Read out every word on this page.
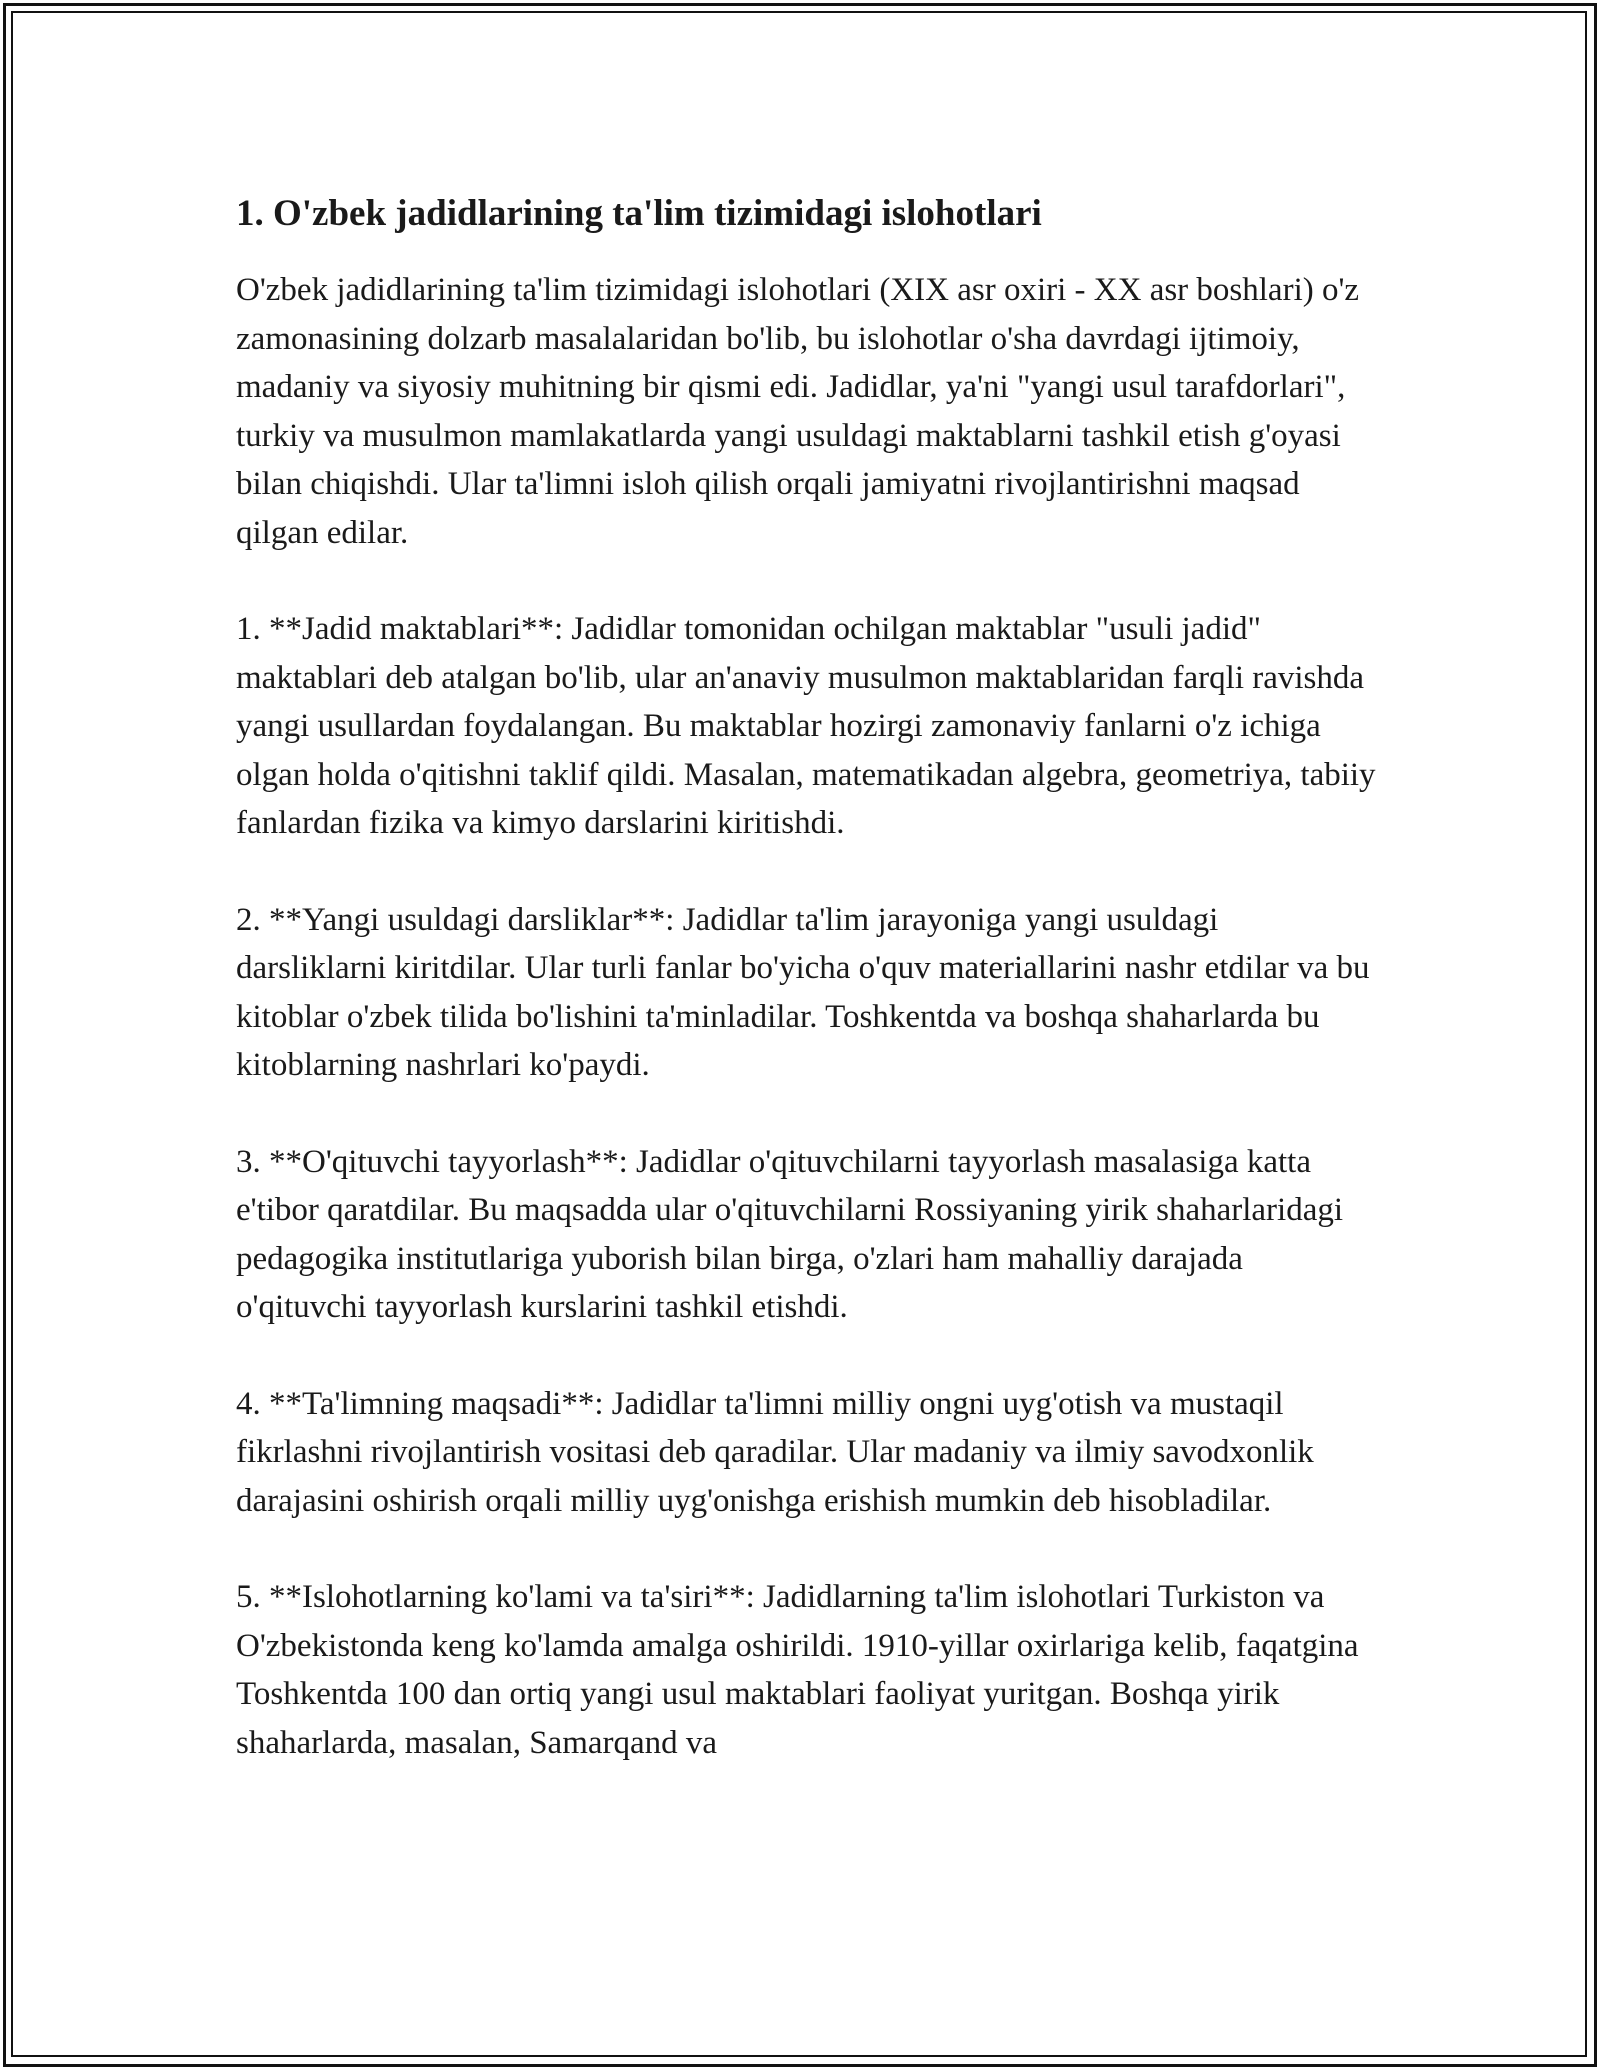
1. O'zbek jadidlarining ta'lim tizimidagi islohotlari

O'zbek jadidlarining ta'lim tizimidagi islohotlari (XIX asr oxiri - XX asr boshlari) o'z zamonasining dolzarb masalalaridan bo'lib, bu islohotlar o'sha davrdagi ijtimoiy, madaniy va siyosiy muhitning bir qismi edi. Jadidlar, ya'ni "yangi usul tarafdorlari", turkiy va musulmon mamlakatlarda yangi usuldagi maktablarni tashkil etish g'oyasi bilan chiqishdi. Ular ta'limni isloh qilish orqali jamiyatni rivojlantirishni maqsad qilgan edilar.

1. **Jadid maktablari**: Jadidlar tomonidan ochilgan maktablar "usuli jadid" maktablari deb atalgan bo'lib, ular an'anaviy musulmon maktablaridan farqli ravishda yangi usullardan foydalangan. Bu maktablar hozirgi zamonaviy fanlarni o'z ichiga olgan holda o'qitishni taklif qildi. Masalan, matematikadan algebra, geometriya, tabiiy fanlardan fizika va kimyo darslarini kiritishdi.

2. **Yangi usuldagi darsliklar**: Jadidlar ta'lim jarayoniga yangi usuldagi darsliklarni kiritdilar. Ular turli fanlar bo'yicha o'quv materiallarini nashr etdilar va bu kitoblar o'zbek tilida bo'lishini ta'minladilar. Toshkentda va boshqa shaharlarda bu kitoblarning nashrlari ko'paydi.

3. **O'qituvchi tayyorlash**: Jadidlar o'qituvchilarni tayyorlash masalasiga katta e'tibor qaratdilar. Bu maqsadda ular o'qituvchilarni Rossiyaning yirik shaharlaridagi pedagogika institutlariga yuborish bilan birga, o'zlari ham mahalliy darajada o'qituvchi tayyorlash kurslarini tashkil etishdi.

4. **Ta'limning maqsadi**: Jadidlar ta'limni milliy ongni uyg'otish va mustaqil fikrlashni rivojlantirish vositasi deb qaradilar. Ular madaniy va ilmiy savodxonlik darajasini oshirish orqali milliy uyg'onishga erishish mumkin deb hisobladilar.

5. **Islohotlarning ko'lami va ta'siri**: Jadidlarning ta'lim islohotlari Turkiston va O'zbekistonda keng ko'lamda amalga oshirildi. 1910-yillar oxirlariga kelib, faqatgina Toshkentda 100 dan ortiq yangi usul maktablari faoliyat yuritgan. Boshqa yirik shaharlarda, masalan, Samarqand va
